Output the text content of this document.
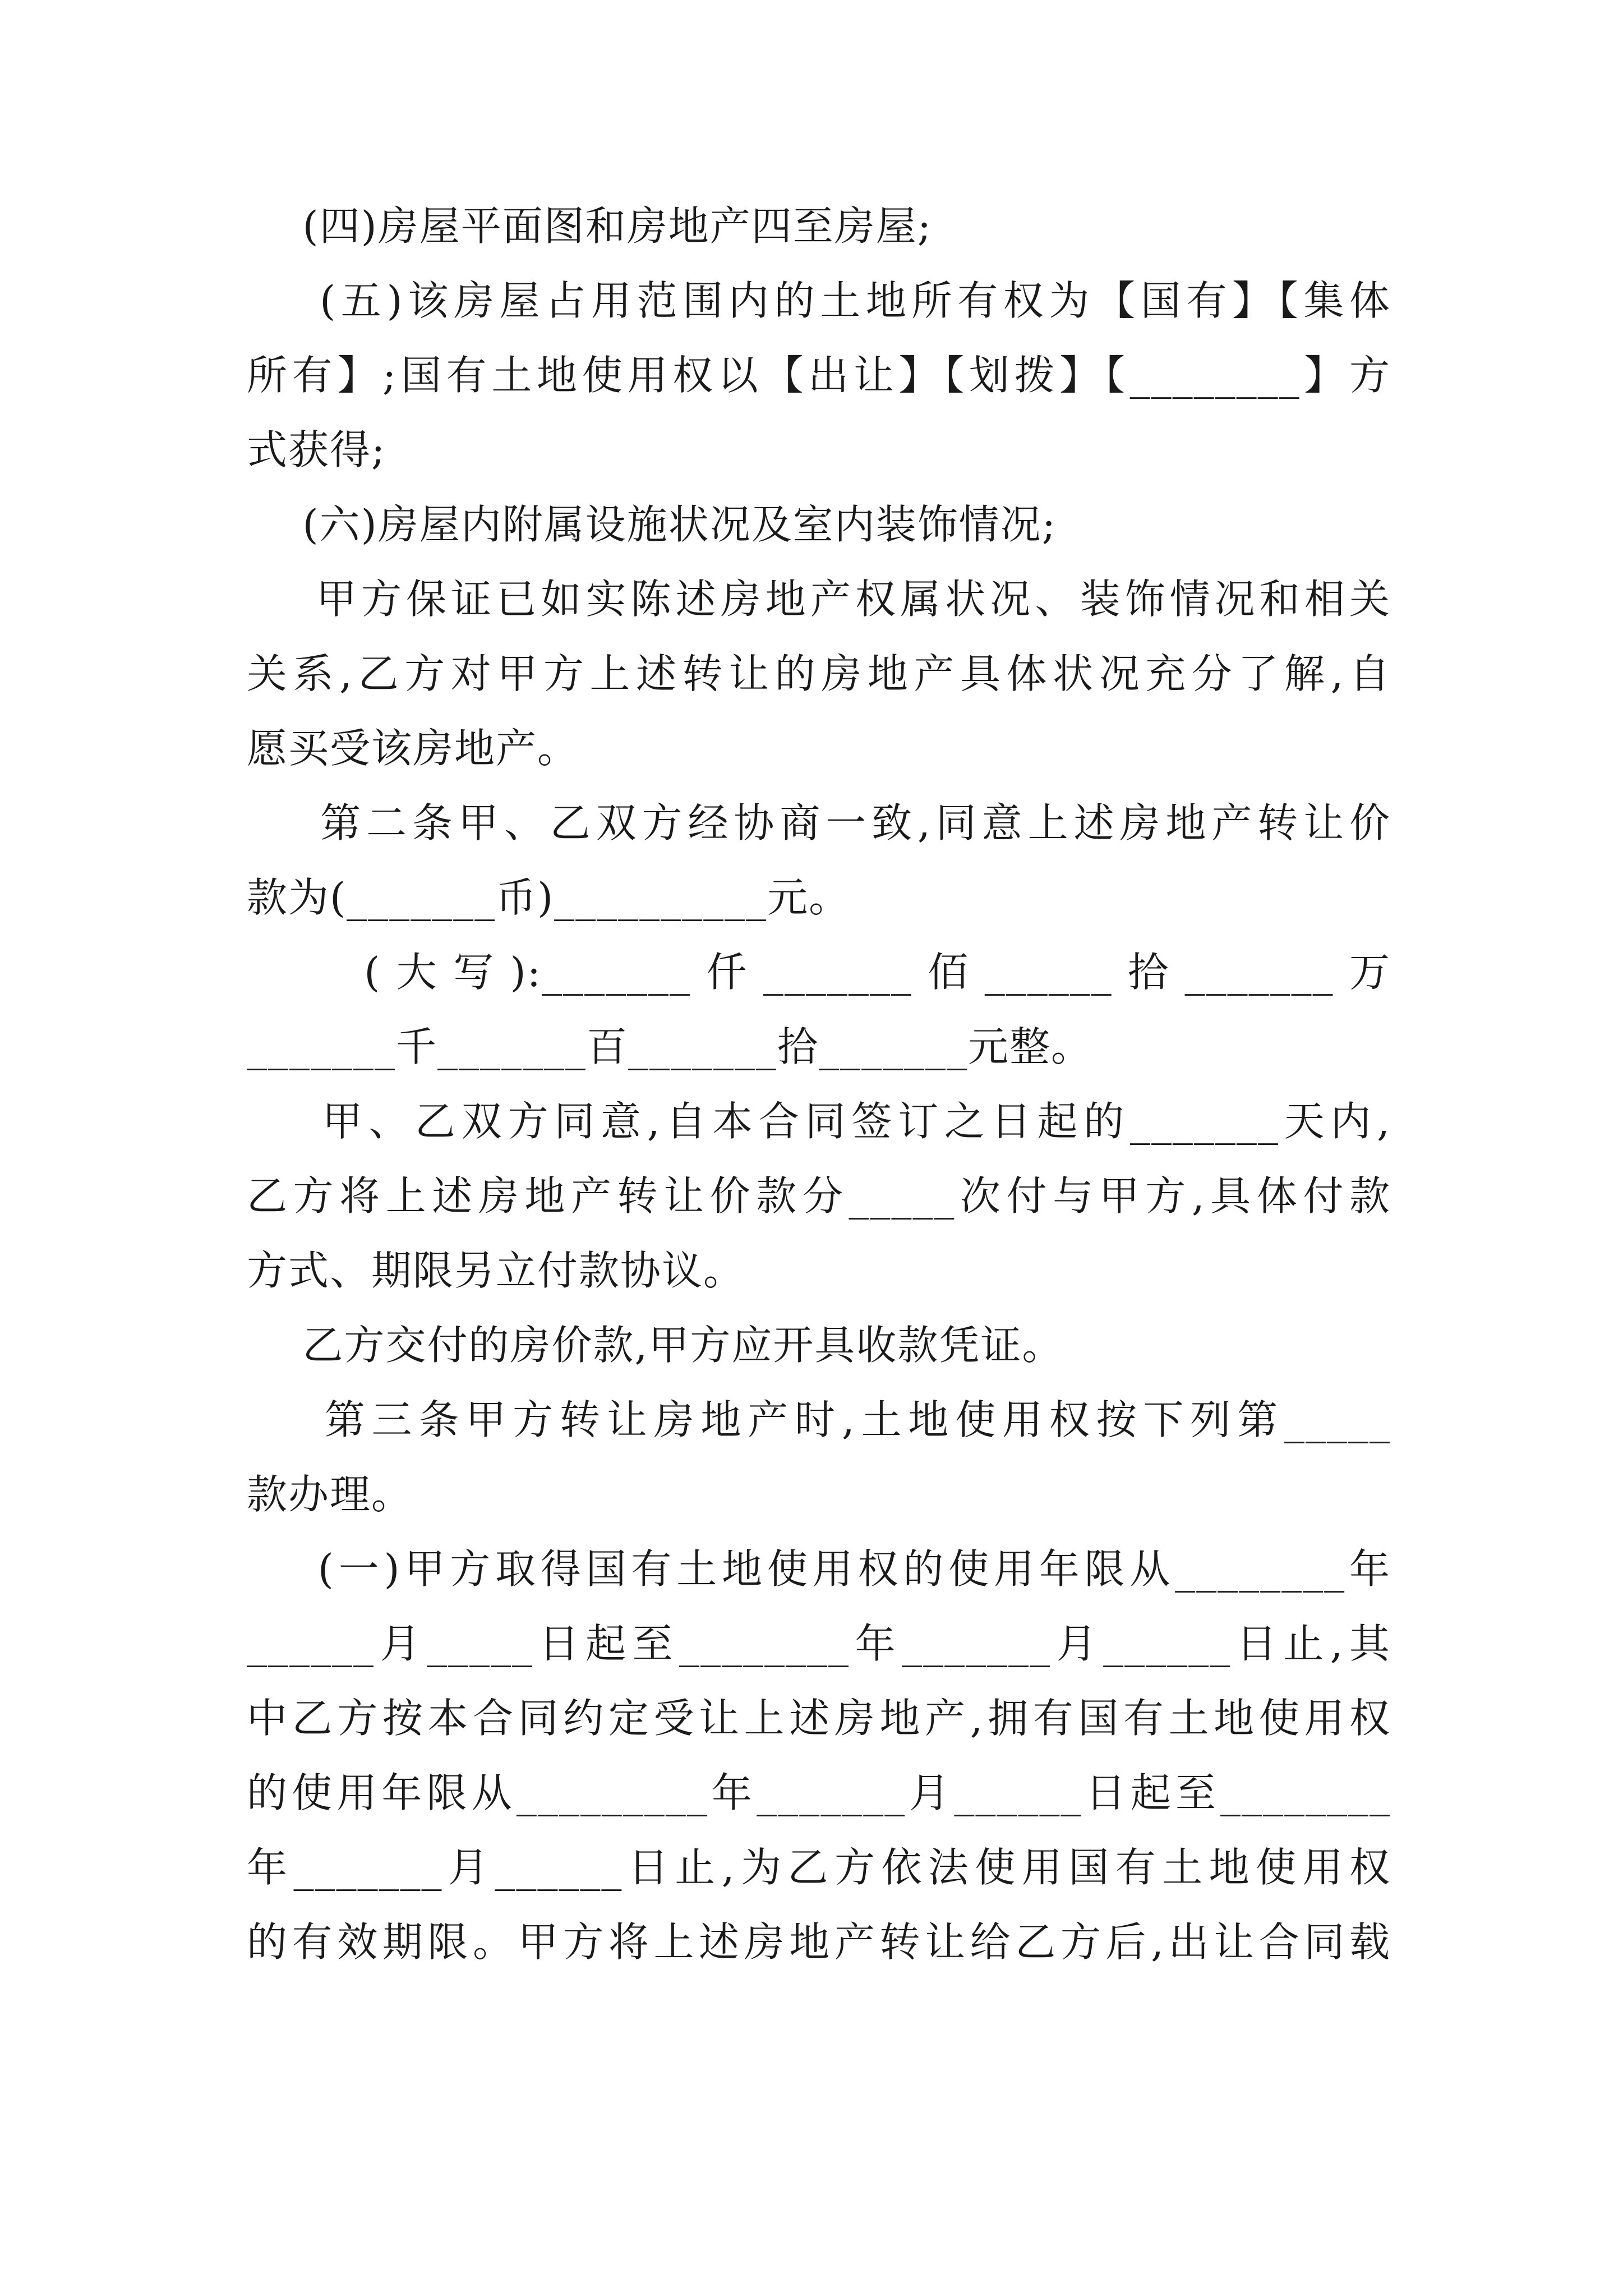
(四)房屋平面图和房地产四至房屋;
(五)该房屋占用范围内的土地所有权为【国有】【集体
所有】;国有土地使用权以【出让】【划拨】【________】方
式获得;
(六)房屋内附属设施状况及室内装饰情况;
甲方保证已如实陈述房地产权属状况、装饰情况和相关
关系,乙方对甲方上述转让的房地产具体状况充分了解,自
愿买受该房地产。
第二条甲、乙双方经协商一致,同意上述房地产转让价
款为(_______币)__________元。
(大写):_______仟_______佰______拾_______万
_______千_______百_______拾_______元整。
甲、乙双方同意,自本合同签订之日起的_______天内,
乙方将上述房地产转让价款分_____次付与甲方,具体付款
方式、期限另立付款协议。
乙方交付的房价款,甲方应开具收款凭证。
第三条甲方转让房地产时,土地使用权按下列第_____
款办理。
(一)甲方取得国有土地使用权的使用年限从________年
______月_____日起至________年_______月______日止,其
中乙方按本合同约定受让上述房地产,拥有国有土地使用权
的使用年限从_________年_______月______日起至________
年_______月______日止,为乙方依法使用国有土地使用权
的有效期限。甲方将上述房地产转让给乙方后,出让合同载
